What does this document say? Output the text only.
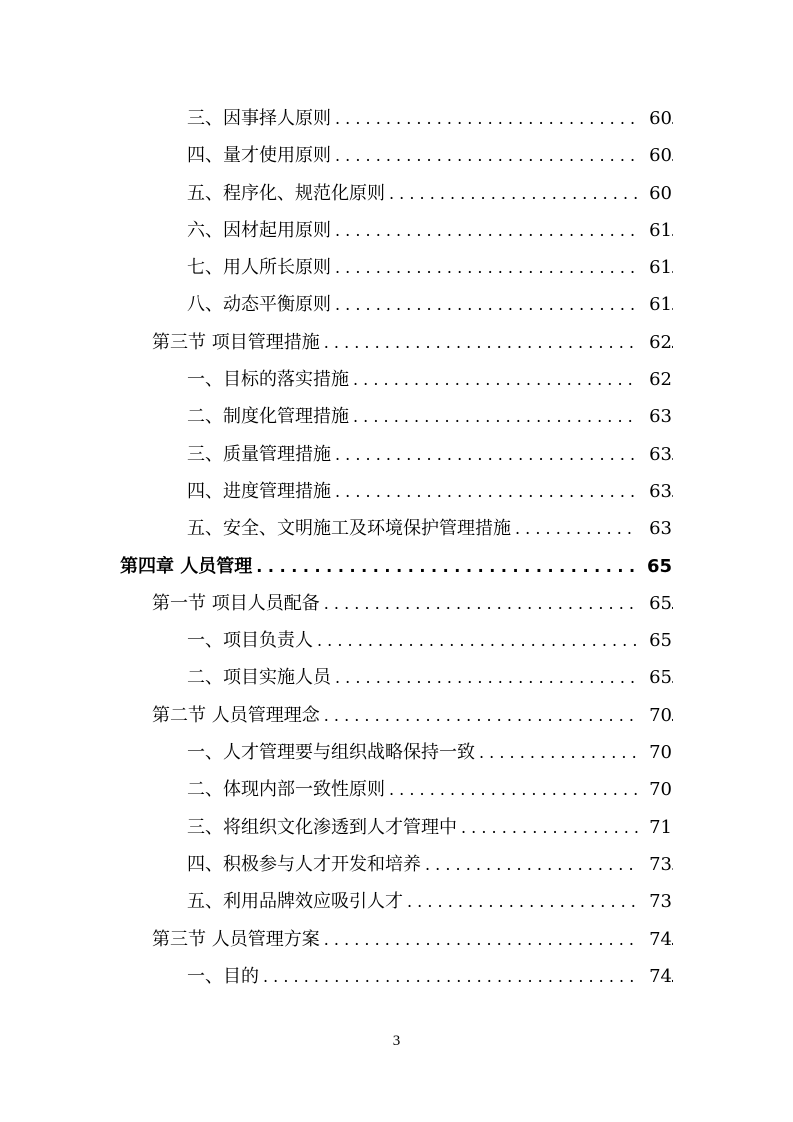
三、因事择人原则 . . .	60
四、量才使用原则 . . .	60
五、程序化、规范化原则 . . .	60
六、因材起用原则 . . .	61
七、用人所长原则 . . .	61
八、动态平衡原则 . . .	61
第三节 项目管理措施 . . .	62
一、目标的落实措施 . . .	62
二、制度化管理措施 . . .	63
三、质量管理措施 . . .	63
四、进度管理措施 . . .	63
五、安全、文明施工及环境保护管理措施 . . .	63
第四章 人员管理 . . .	65
第一节 项目人员配备 . . .	65
一、项目负责人 . . .	65
二、项目实施人员 . . .	65
第二节 人员管理理念 . . .	70
一、人才管理要与组织战略保持一致 . . .	70
二、体现内部一致性原则 . . .	70
三、将组织文化渗透到人才管理中 . . .	71
四、积极参与人才开发和培养 . . .	73
五、利用品牌效应吸引人才 . . .	73
第三节 人员管理方案 . . .	74
一、目的 . . .	74
3
